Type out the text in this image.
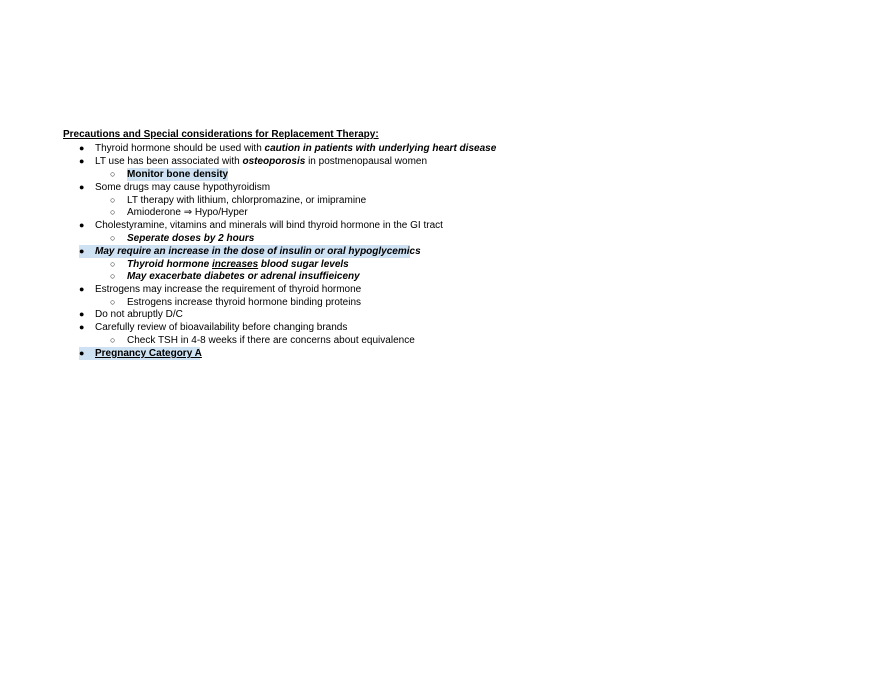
Precautions and Special considerations for Replacement Therapy:
● Thyroid hormone should be used with caution in patients with underlying heart disease
● LT use has been associated with osteoporosis in postmenopausal women
○ Monitor bone density
● Some drugs may cause hypothyroidism
○ LT therapy with lithium, chlorpromazine, or imipramine
○ Amioderone ⇒ Hypo/Hyper
● Cholestyramine, vitamins and minerals will bind thyroid hormone in the GI tract
○ Seperate doses by 2 hours
● May require an increase in the dose of insulin or oral hypoglycemics
○ Thyroid hormone increases blood sugar levels
○ May exacerbate diabetes or adrenal insuffieiceny
● Estrogens may increase the requirement of thyroid hormone
○ Estrogens increase thyroid hormone binding proteins
● Do not abruptly D/C
● Carefully review of bioavailability before changing brands
○ Check TSH in 4-8 weeks if there are concerns about equivalence
● Pregnancy Category A
